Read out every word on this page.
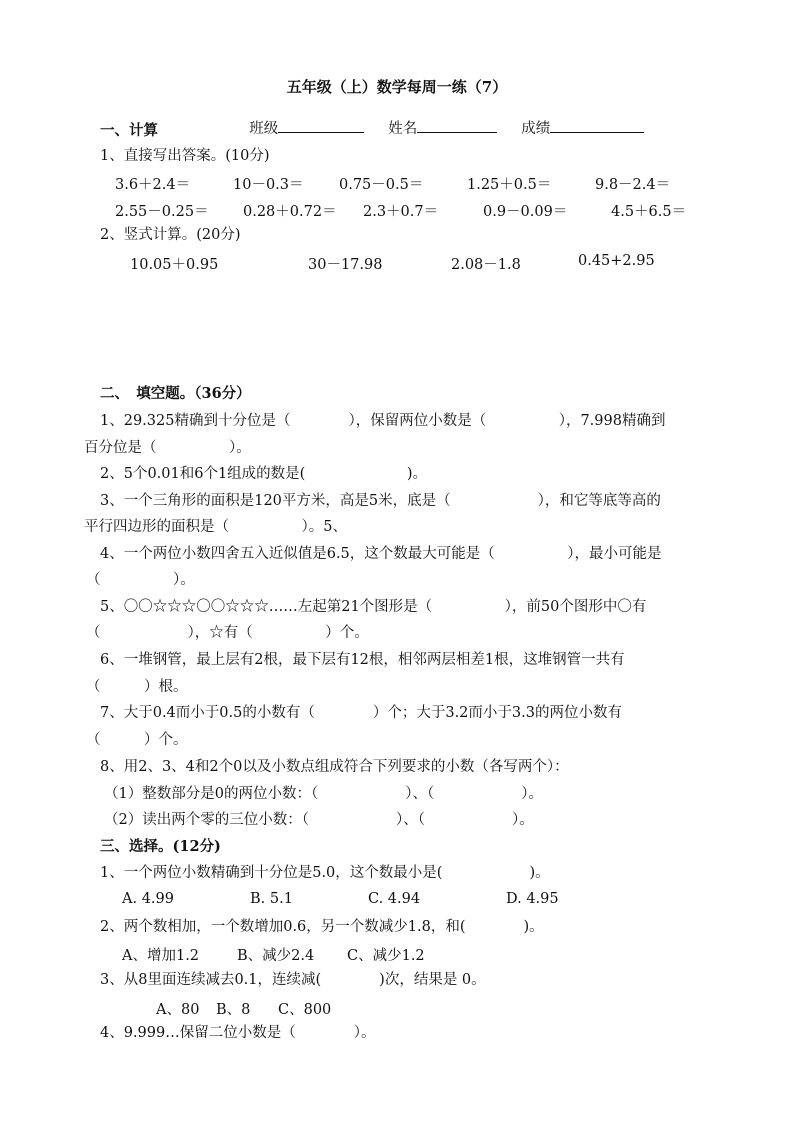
五年级（上）数学每周一练（7）

班级	姓名	成绩

一、计算
1、直接写出答案。(10分)
3.6＋2.4＝	10－0.3＝	0.75－0.5＝	1.25＋0.5＝	9.8－2.4＝
2.55－0.25＝	0.28＋0.72＝	2.3＋0.7＝	0.9－0.09＝	4.5＋6.5＝
2、竖式计算。(20分)
10.05＋0.95	30－17.98	2.08－1.8	0.45+2.95
二、　填空题。（36分）
1、29.325精确到十分位是（　　　　），保留两位小数是（　　　　　），7.998精确到
百分位是（　　　　　）。
2、5个0.01和6个1组成的数是(　　　　　　　)。
3、一个三角形的面积是120平方米，高是5米，底是（　　　　　　），和它等底等高的
平行四边形的面积是（　　　　　）。5、
4、一个两位小数四舍五入近似值是6.5，这个数最大可能是（　　　　　），最小可能是
（　　　　　）。
5、〇〇☆☆☆〇〇☆☆☆……左起第21个图形是（　　　　　），前50个图形中〇有
（　　　　　　），☆有（　　　　　）个。
6、一堆钢管，最上层有2根，最下层有12根，相邻两层相差1根，这堆钢管一共有
（　　　）根。
7、大于0.4而小于0.5的小数有（　　　　）个；大于3.2而小于3.3的两位小数有
（　　　）个。
8、用2、3、4和2个0以及小数点组成符合下列要求的小数（各写两个）：
（1）整数部分是0的两位小数：（　　　　　　）、（　　　　　　）。
（2）读出两个零的三位小数：（　　　　　　）、（　　　　　　）。
三、选择。(12分)
1、一个两位小数精确到十分位是5.0，这个数最小是(　　　　　　)。
A. 4.99	B. 5.1	C. 4.94	D. 4.95
2、两个数相加，一个数增加0.6，另一个数减少1.8，和(　　　　)。
A、增加1.2	B、减少2.4	C、减少1.2
3、从8里面连续减去0.1，连续减(　　　　)次，结果是 0。
A、80	B、8	C、800
4、9.999…保留二位小数是（　　　　）。
